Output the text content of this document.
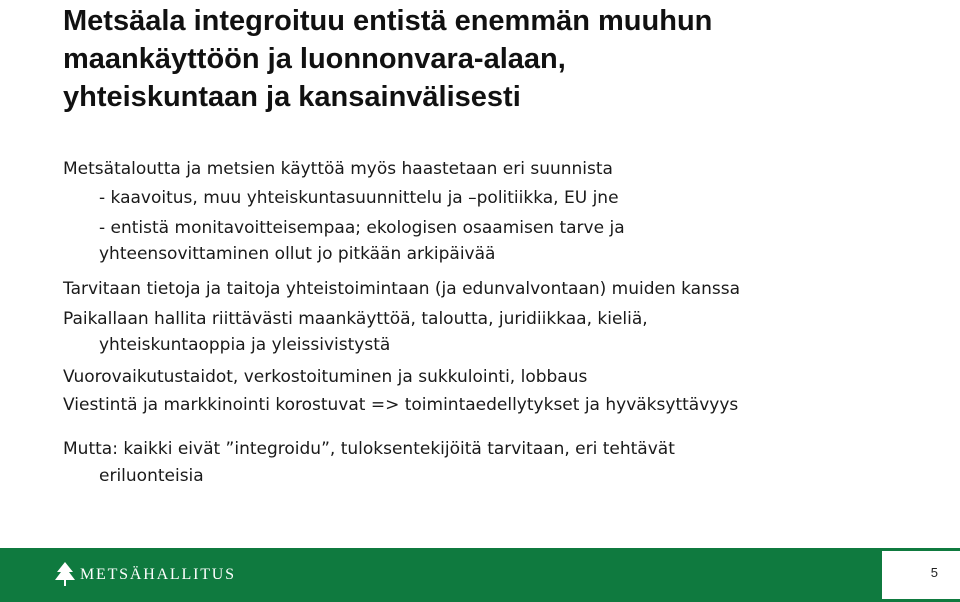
Metsäala integroituu entistä enemmän muuhun
maankäyttöön ja luonnonvara-alaan,
yhteiskuntaan ja kansainvälisesti
Metsätaloutta ja metsien käyttöä myös haastetaan eri suunnista
- kaavoitus, muu yhteiskuntasuunnittelu ja –politiikka, EU jne
- entistä monitavoitteisempaa; ekologisen osaamisen tarve ja
yhteensovittaminen ollut jo pitkään arkipäivää
Tarvitaan tietoja ja taitoja yhteistoimintaan (ja edunvalvontaan) muiden kanssa
Paikallaan hallita riittävästi maankäyttöä, taloutta, juridiikkaa, kieliä,
yhteiskuntaoppia ja yleissivistystä
Vuorovaikutustaidot, verkostoituminen ja sukkulointi, lobbaus
Viestintä ja markkinointi korostuvat => toimintaedellytykset ja hyväksyttävyys
Mutta: kaikki eivät ”integroidu”, tuloksentekijöitä tarvitaan, eri tehtävät
eriluonteisia
METSÄHALLITUS	5
